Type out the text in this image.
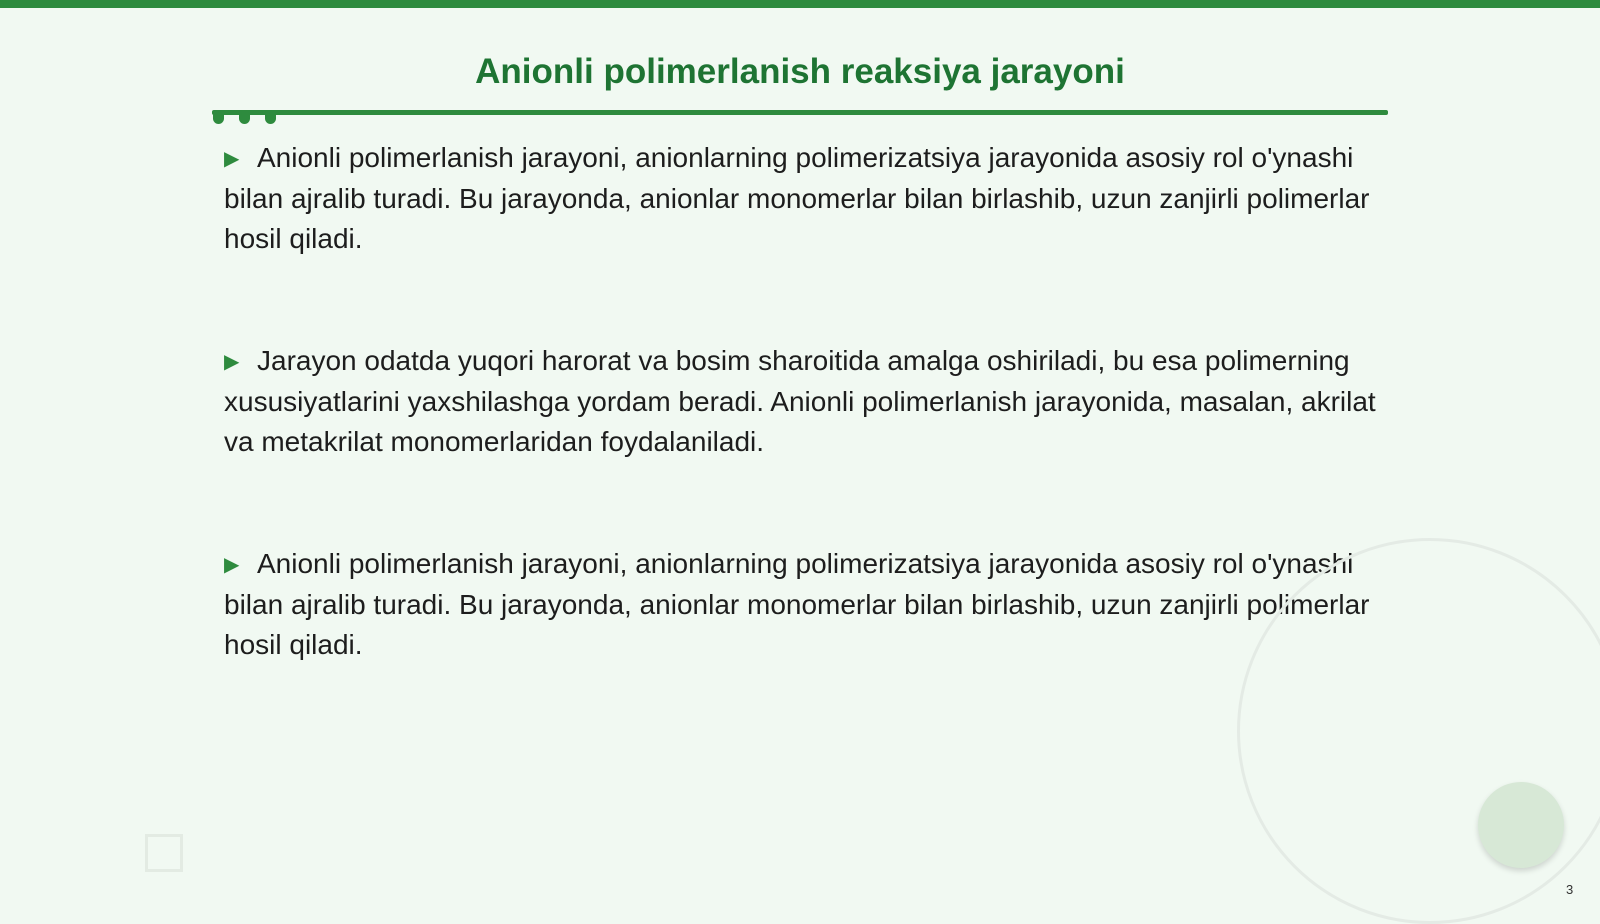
Anionli polimerlanish reaksiya jarayoni

▶ Anionli polimerlanish jarayoni, anionlarning polimerizatsiya jarayonida asosiy rol o'ynashi bilan ajralib turadi. Bu jarayonda, anionlar monomerlar bilan birlashib, uzun zanjirli polimerlar hosil qiladi.

▶ Jarayon odatda yuqori harorat va bosim sharoitida amalga oshiriladi, bu esa polimerning xususiyatlarini yaxshilashga yordam beradi. Anionli polimerlanish jarayonida, masalan, akrilat va metakrilat monomerlaridan foydalaniladi.

▶ Anionli polimerlanish jarayoni, anionlarning polimerizatsiya jarayonida asosiy rol o'ynashi bilan ajralib turadi. Bu jarayonda, anionlar monomerlar bilan birlashib, uzun zanjirli polimerlar hosil qiladi.

3
